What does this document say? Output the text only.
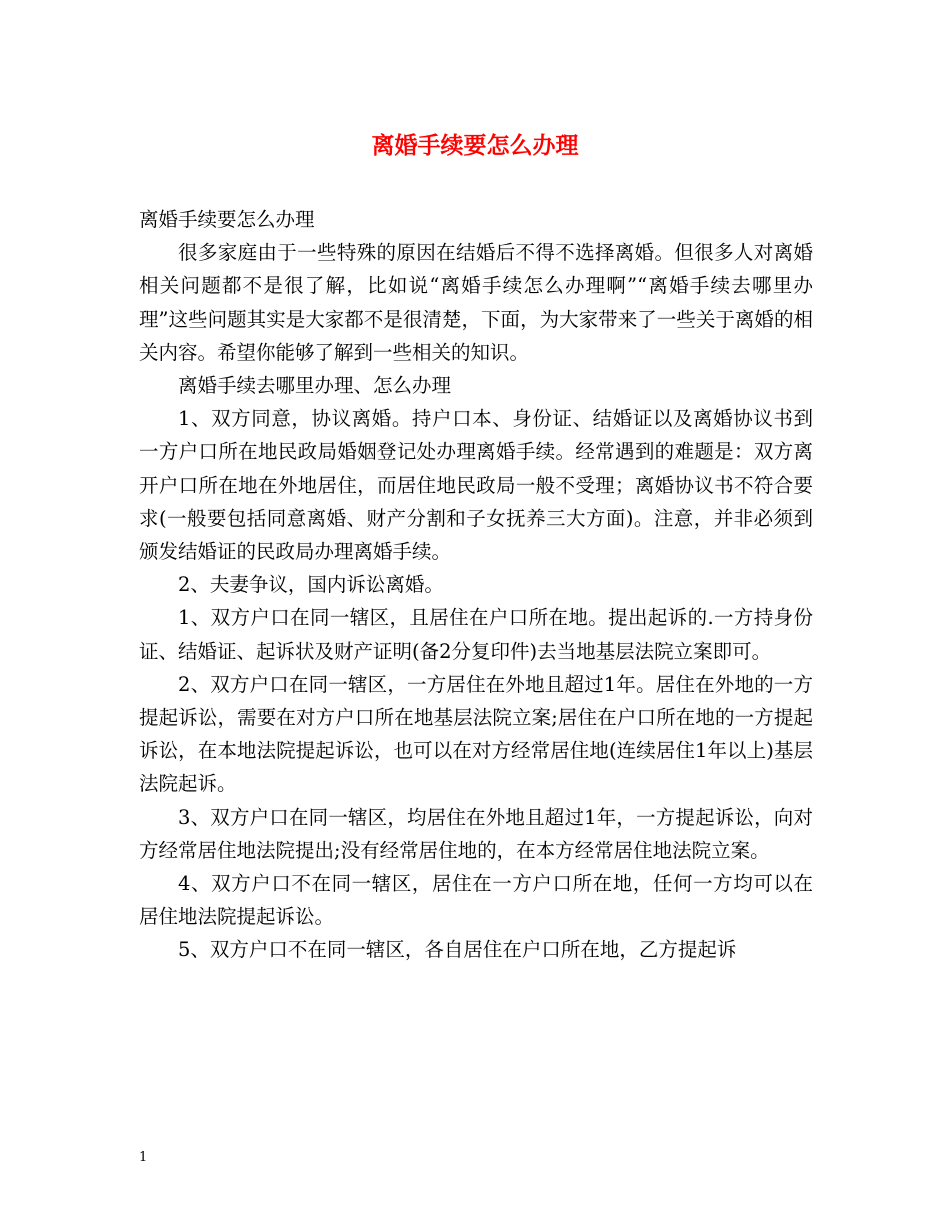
离婚手续要怎么办理

离婚手续要怎么办理

很多家庭由于一些特殊的原因在结婚后不得不选择离婚。但很多人对离婚相关问题都不是很了解，比如说“离婚手续怎么办理啊”“离婚手续去哪里办理”这些问题其实是大家都不是很清楚，下面，为大家带来了一些关于离婚的相关内容。希望你能够了解到一些相关的知识。

离婚手续去哪里办理、怎么办理

1、双方同意，协议离婚。持户口本、身份证、结婚证以及离婚协议书到一方户口所在地民政局婚姻登记处办理离婚手续。经常遇到的难题是：双方离开户口所在地在外地居住，而居住地民政局一般不受理；离婚协议书不符合要求(一般要包括同意离婚、财产分割和子女抚养三大方面)。注意，并非必须到颁发结婚证的民政局办理离婚手续。

2、夫妻争议，国内诉讼离婚。

1、双方户口在同一辖区，且居住在户口所在地。提出起诉的.一方持身份证、结婚证、起诉状及财产证明(备2分复印件)去当地基层法院立案即可。

2、双方户口在同一辖区，一方居住在外地且超过1年。居住在外地的一方提起诉讼，需要在对方户口所在地基层法院立案;居住在户口所在地的一方提起诉讼，在本地法院提起诉讼，也可以在对方经常居住地(连续居住1年以上)基层法院起诉。

3、双方户口在同一辖区，均居住在外地且超过1年，一方提起诉讼，向对方经常居住地法院提出;没有经常居住地的，在本方经常居住地法院立案。

4、双方户口不在同一辖区，居住在一方户口所在地，任何一方均可以在居住地法院提起诉讼。

5、双方户口不在同一辖区，各自居住在户口所在地，乙方提起诉

1
